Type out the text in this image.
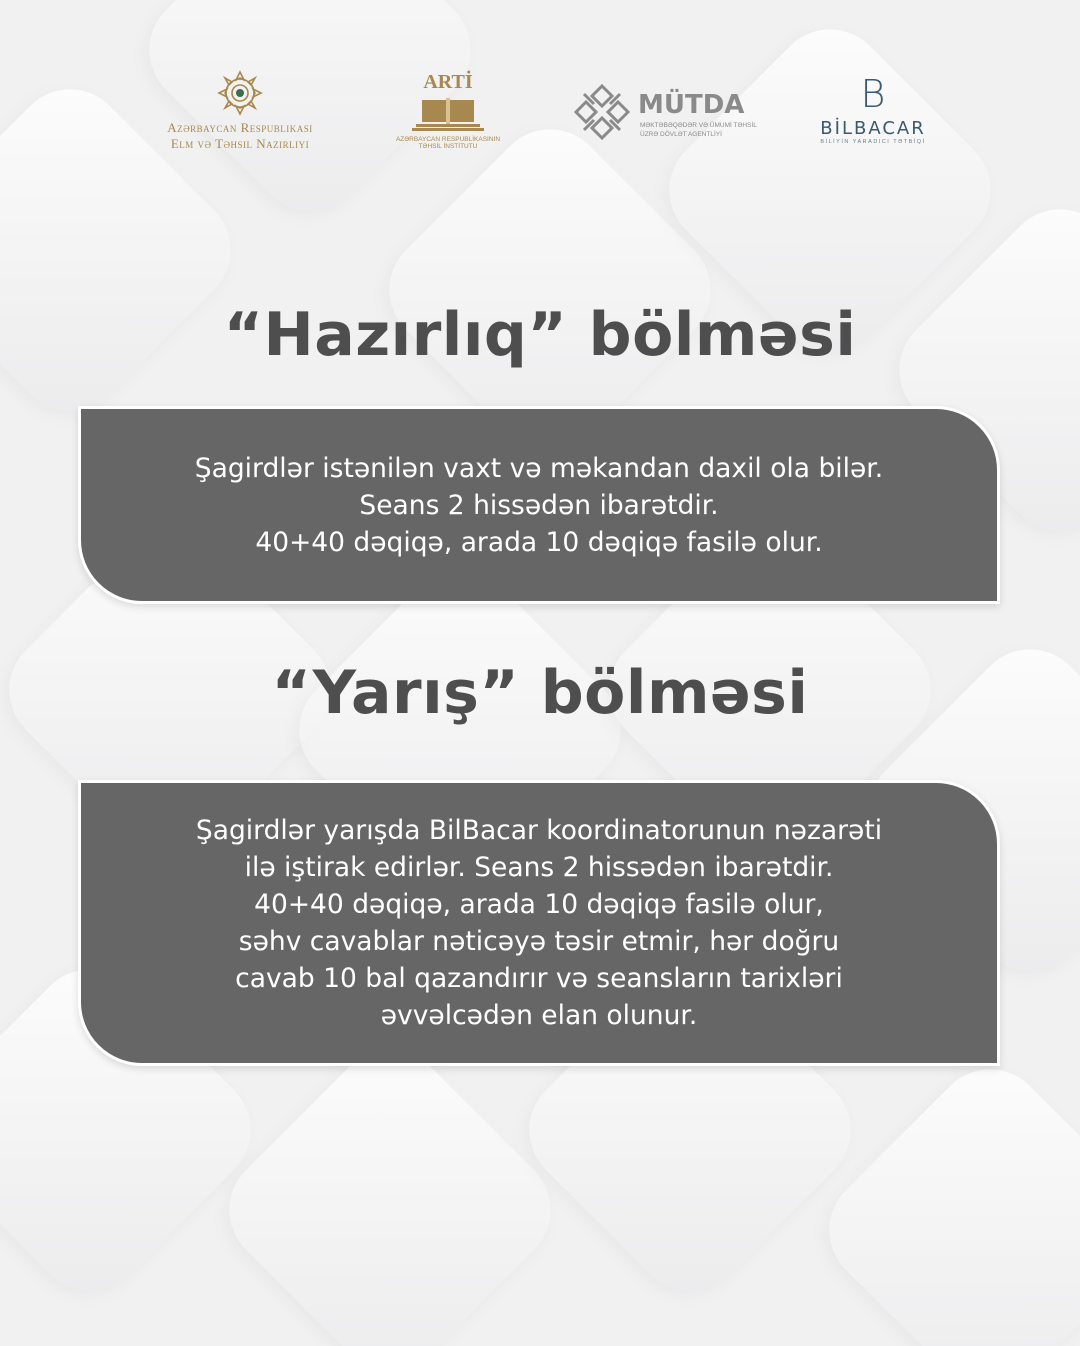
Azərbaycan Respublikası
Elm və Təhsil Nazirliyi
ARTİ
AZƏRBAYCAN RESPUBLİKASININ
TƏHSİL İNSTİTUTU
MÜTDA
MƏKTƏBƏQƏDƏR VƏ ÜMUMİ TƏHSİL
ÜZRƏ DÖVLƏT AGENTLİYİ
B
BİLBACAR
BİLİYİN YARADICI TƏTBİQİ
“Hazırlıq” bölməsi
Şagirdlər istənilən vaxt və məkandan daxil ola bilər.
Seans 2 hissədən ibarətdir.
40+40 dəqiqə, arada 10 dəqiqə fasilə olur.
“Yarış” bölməsi
Şagirdlər yarışda BilBacar koordinatorunun nəzarəti
ilə iştirak edirlər. Seans 2 hissədən ibarətdir.
40+40 dəqiqə, arada 10 dəqiqə fasilə olur,
səhv cavablar nəticəyə təsir etmir, hər doğru
cavab 10 bal qazandırır və seansların tarixləri
əvvəlcədən elan olunur.
